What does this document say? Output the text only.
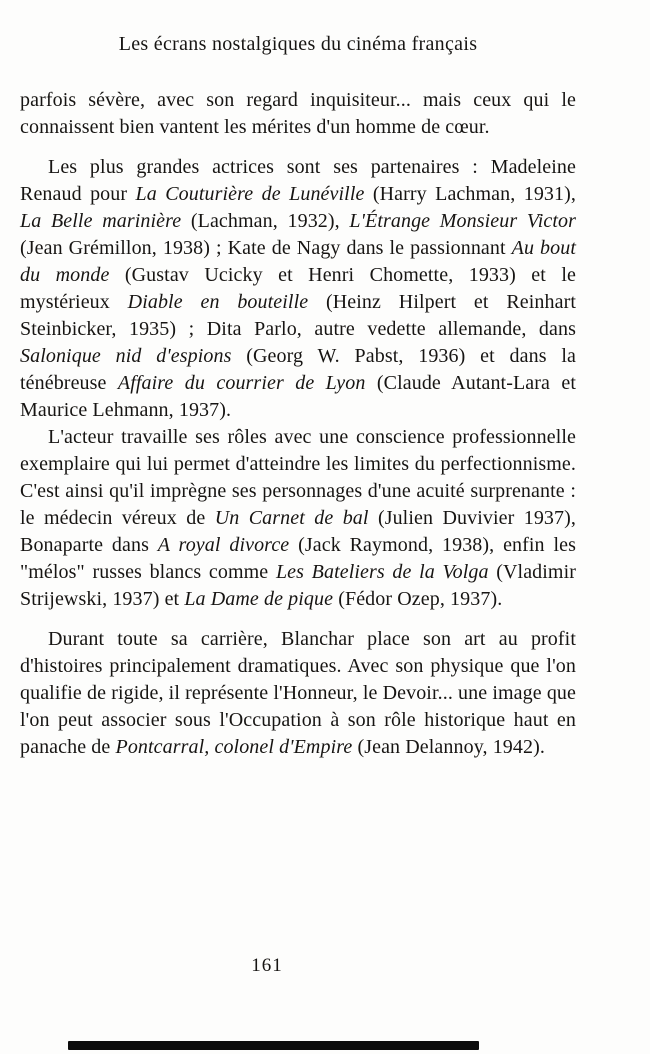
Les écrans nostalgiques du cinéma français

parfois sévère, avec son regard inquisiteur... mais ceux qui le connaissent bien vantent les mérites d'un homme de cœur.

Les plus grandes actrices sont ses partenaires : Madeleine Renaud pour La Couturière de Lunéville (Harry Lachman, 1931), La Belle marinière (Lachman, 1932), L'Étrange Monsieur Victor (Jean Grémillon, 1938) ; Kate de Nagy dans le passionnant Au bout du monde (Gustav Ucicky et Henri Chomette, 1933) et le mystérieux Diable en bouteille (Heinz Hilpert et Reinhart Steinbicker, 1935) ; Dita Parlo, autre vedette allemande, dans Salonique nid d'espions (Georg W. Pabst, 1936) et dans la ténébreuse Affaire du courrier de Lyon (Claude Autant-Lara et Maurice Lehmann, 1937).

L'acteur travaille ses rôles avec une conscience professionnelle exemplaire qui lui permet d'atteindre les limites du perfectionnisme. C'est ainsi qu'il imprègne ses personnages d'une acuité surprenante : le médecin véreux de Un Carnet de bal (Julien Duvivier 1937), Bonaparte dans A royal divorce (Jack Raymond, 1938), enfin les "mélos" russes blancs comme Les Bateliers de la Volga (Vladimir Strijewski, 1937) et La Dame de pique (Fédor Ozep, 1937).

Durant toute sa carrière, Blanchar place son art au profit d'histoires principalement dramatiques. Avec son physique que l'on qualifie de rigide, il représente l'Honneur, le Devoir... une image que l'on peut associer sous l'Occupation à son rôle historique haut en panache de Pontcarral, colonel d'Empire (Jean Delannoy, 1942).

161
